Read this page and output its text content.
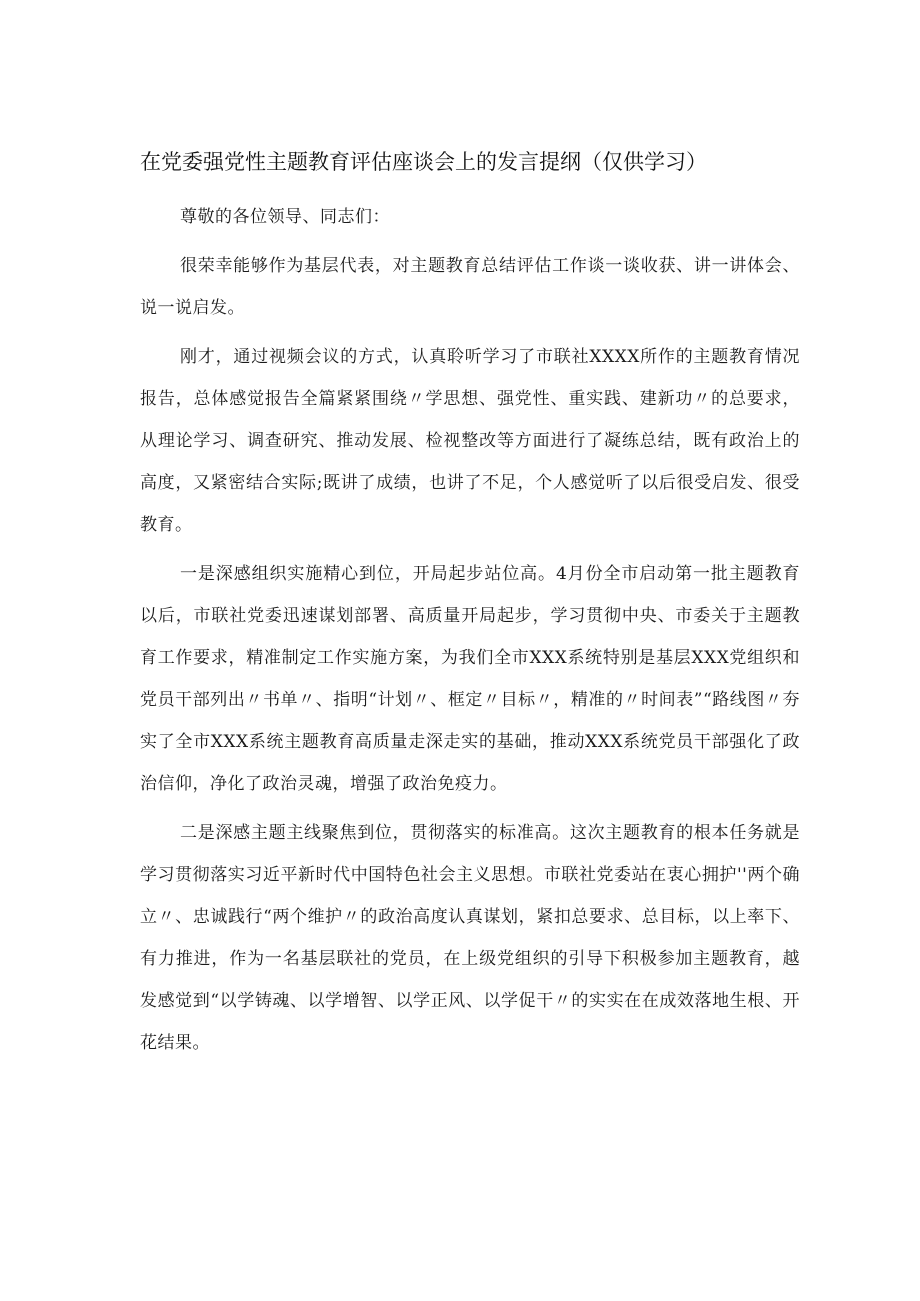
在党委强党性主题教育评估座谈会上的发言提纲（仅供学习）

尊敬的各位领导、同志们：

很荣幸能够作为基层代表，对主题教育总结评估工作谈一谈收获、讲一讲体会、说一说启发。

刚才，通过视频会议的方式，认真聆听学习了市联社XXXX所作的主题教育情况报告，总体感觉报告全篇紧紧围绕〃学思想、强党性、重实践、建新功〃的总要求，从理论学习、调查研究、推动发展、检视整改等方面进行了凝练总结，既有政治上的高度，又紧密结合实际;既讲了成绩，也讲了不足，个人感觉听了以后很受启发、很受教育。

一是深感组织实施精心到位，开局起步站位高。4月份全市启动第一批主题教育以后，市联社党委迅速谋划部署、高质量开局起步，学习贯彻中央、市委关于主题教育工作要求，精准制定工作实施方案，为我们全市XXX系统特别是基层XXX党组织和党员干部列出〃书单〃、指明“计划〃、框定〃目标〃，精准的〃时间表”“路线图〃夯实了全市XXX系统主题教育高质量走深走实的基础，推动XXX系统党员干部强化了政治信仰，净化了政治灵魂，增强了政治免疫力。

二是深感主题主线聚焦到位，贯彻落实的标准高。这次主题教育的根本任务就是学习贯彻落实习近平新时代中国特色社会主义思想。市联社党委站在衷心拥护''两个确立〃、忠诚践行“两个维护〃的政治高度认真谋划，紧扣总要求、总目标，以上率下、有力推进，作为一名基层联社的党员，在上级党组织的引导下积极参加主题教育，越发感觉到“以学铸魂、以学增智、以学正风、以学促干〃的实实在在成效落地生根、开花结果。
